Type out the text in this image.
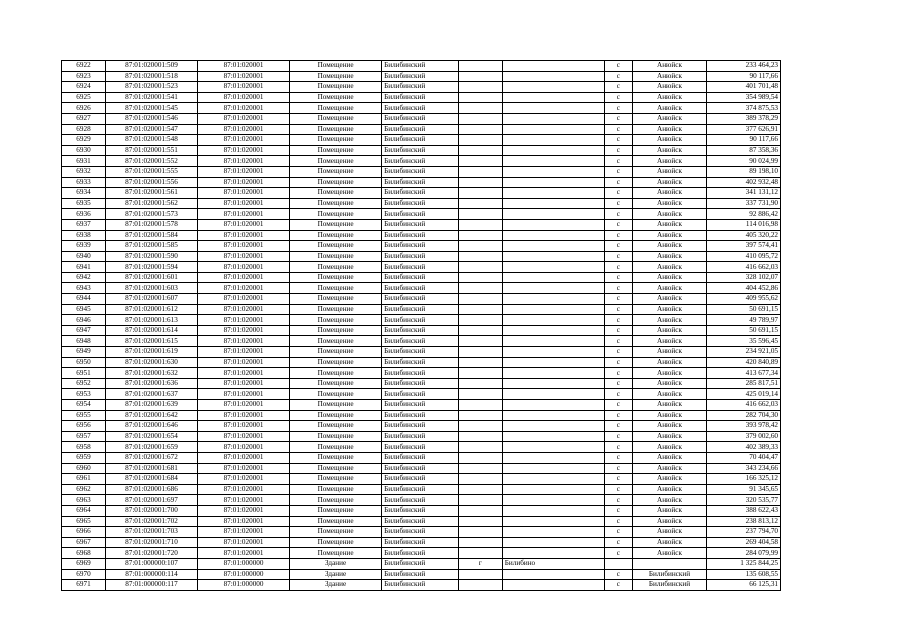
6922	87:01:020001:509	87:01:020001	Помещение	Билибинский			с	Анюйск	233 464,23
6923	87:01:020001:518	87:01:020001	Помещение	Билибинский			с	Анюйск	90 117,66
6924	87:01:020001:523	87:01:020001	Помещение	Билибинский			с	Анюйск	401 701,48
6925	87:01:020001:541	87:01:020001	Помещение	Билибинский			с	Анюйск	354 989,54
6926	87:01:020001:545	87:01:020001	Помещение	Билибинский			с	Анюйск	374 875,53
6927	87:01:020001:546	87:01:020001	Помещение	Билибинский			с	Анюйск	389 378,29
6928	87:01:020001:547	87:01:020001	Помещение	Билибинский			с	Анюйск	377 626,91
6929	87:01:020001:548	87:01:020001	Помещение	Билибинский			с	Анюйск	90 117,66
6930	87:01:020001:551	87:01:020001	Помещение	Билибинский			с	Анюйск	87 358,36
6931	87:01:020001:552	87:01:020001	Помещение	Билибинский			с	Анюйск	90 024,99
6932	87:01:020001:555	87:01:020001	Помещение	Билибинский			с	Анюйск	89 198,10
6933	87:01:020001:556	87:01:020001	Помещение	Билибинский			с	Анюйск	402 932,48
6934	87:01:020001:561	87:01:020001	Помещение	Билибинский			с	Анюйск	341 131,12
6935	87:01:020001:562	87:01:020001	Помещение	Билибинский			с	Анюйск	337 731,90
6936	87:01:020001:573	87:01:020001	Помещение	Билибинский			с	Анюйск	92 886,42
6937	87:01:020001:578	87:01:020001	Помещение	Билибинский			с	Анюйск	114 016,98
6938	87:01:020001:584	87:01:020001	Помещение	Билибинский			с	Анюйск	405 320,22
6939	87:01:020001:585	87:01:020001	Помещение	Билибинский			с	Анюйск	397 574,41
6940	87:01:020001:590	87:01:020001	Помещение	Билибинский			с	Анюйск	410 095,72
6941	87:01:020001:594	87:01:020001	Помещение	Билибинский			с	Анюйск	416 662,03
6942	87:01:020001:601	87:01:020001	Помещение	Билибинский			с	Анюйск	328 102,07
6943	87:01:020001:603	87:01:020001	Помещение	Билибинский			с	Анюйск	404 452,86
6944	87:01:020001:607	87:01:020001	Помещение	Билибинский			с	Анюйск	409 955,62
6945	87:01:020001:612	87:01:020001	Помещение	Билибинский			с	Анюйск	50 691,15
6946	87:01:020001:613	87:01:020001	Помещение	Билибинский			с	Анюйск	49 789,97
6947	87:01:020001:614	87:01:020001	Помещение	Билибинский			с	Анюйск	50 691,15
6948	87:01:020001:615	87:01:020001	Помещение	Билибинский			с	Анюйск	35 596,45
6949	87:01:020001:619	87:01:020001	Помещение	Билибинский			с	Анюйск	234 921,05
6950	87:01:020001:630	87:01:020001	Помещение	Билибинский			с	Анюйск	420 840,89
6951	87:01:020001:632	87:01:020001	Помещение	Билибинский			с	Анюйск	413 677,34
6952	87:01:020001:636	87:01:020001	Помещение	Билибинский			с	Анюйск	285 817,51
6953	87:01:020001:637	87:01:020001	Помещение	Билибинский			с	Анюйск	425 019,14
6954	87:01:020001:639	87:01:020001	Помещение	Билибинский			с	Анюйск	416 662,03
6955	87:01:020001:642	87:01:020001	Помещение	Билибинский			с	Анюйск	282 704,30
6956	87:01:020001:646	87:01:020001	Помещение	Билибинский			с	Анюйск	393 978,42
6957	87:01:020001:654	87:01:020001	Помещение	Билибинский			с	Анюйск	379 002,60
6958	87:01:020001:659	87:01:020001	Помещение	Билибинский			с	Анюйск	402 389,33
6959	87:01:020001:672	87:01:020001	Помещение	Билибинский			с	Анюйск	70 404,47
6960	87:01:020001:681	87:01:020001	Помещение	Билибинский			с	Анюйск	343 234,66
6961	87:01:020001:684	87:01:020001	Помещение	Билибинский			с	Анюйск	166 325,12
6962	87:01:020001:686	87:01:020001	Помещение	Билибинский			с	Анюйск	91 345,65
6963	87:01:020001:697	87:01:020001	Помещение	Билибинский			с	Анюйск	320 535,77
6964	87:01:020001:700	87:01:020001	Помещение	Билибинский			с	Анюйск	388 622,43
6965	87:01:020001:702	87:01:020001	Помещение	Билибинский			с	Анюйск	238 813,12
6966	87:01:020001:703	87:01:020001	Помещение	Билибинский			с	Анюйск	237 794,70
6967	87:01:020001:710	87:01:020001	Помещение	Билибинский			с	Анюйск	269 404,58
6968	87:01:020001:720	87:01:020001	Помещение	Билибинский			с	Анюйск	284 079,99
6969	87:01:000000:107	87:01:000000	Здание	Билибинский	г	Билибино			1 325 844,25
6970	87:01:000000:114	87:01:000000	Здание	Билибинский			с	Билибинский	135 608,55
6971	87:01:000000:117	87:01:000000	Здание	Билибинский			с	Билибинский	66 125,31
